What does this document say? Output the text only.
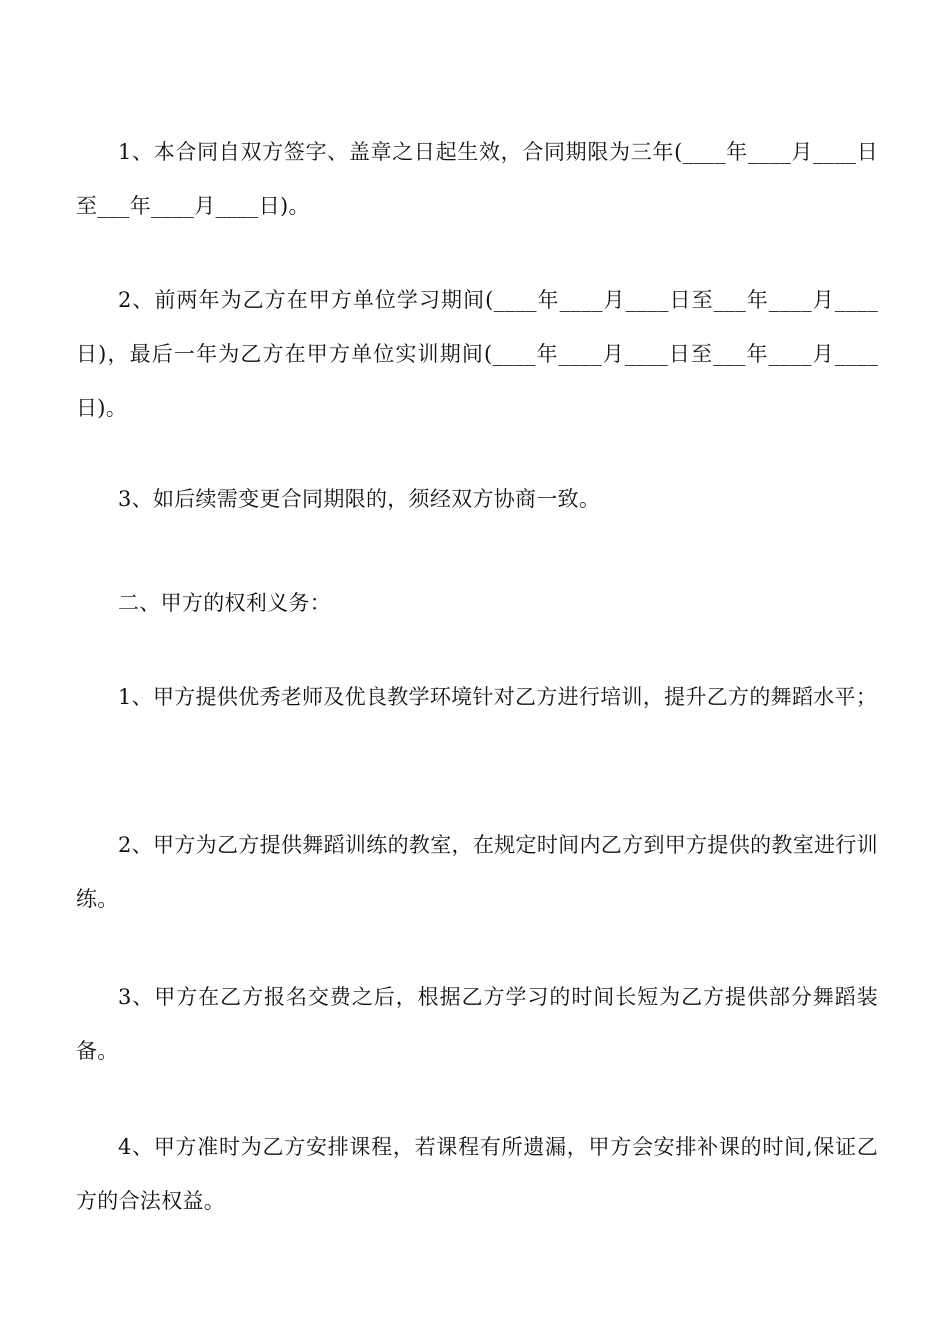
1、本合同自双方签字、盖章之日起生效，合同期限为三年(____年____月____日至___年____月____日)。

2、前两年为乙方在甲方单位学习期间(____年____月____日至___年____月____日)，最后一年为乙方在甲方单位实训期间(____年____月____日至___年____月____日)。

3、如后续需变更合同期限的，须经双方协商一致。

二、甲方的权利义务：

1、甲方提供优秀老师及优良教学环境针对乙方进行培训，提升乙方的舞蹈水平；

2、甲方为乙方提供舞蹈训练的教室，在规定时间内乙方到甲方提供的教室进行训练。

3、甲方在乙方报名交费之后，根据乙方学习的时间长短为乙方提供部分舞蹈装备。

4、甲方准时为乙方安排课程，若课程有所遗漏，甲方会安排补课的时间,保证乙方的合法权益。
